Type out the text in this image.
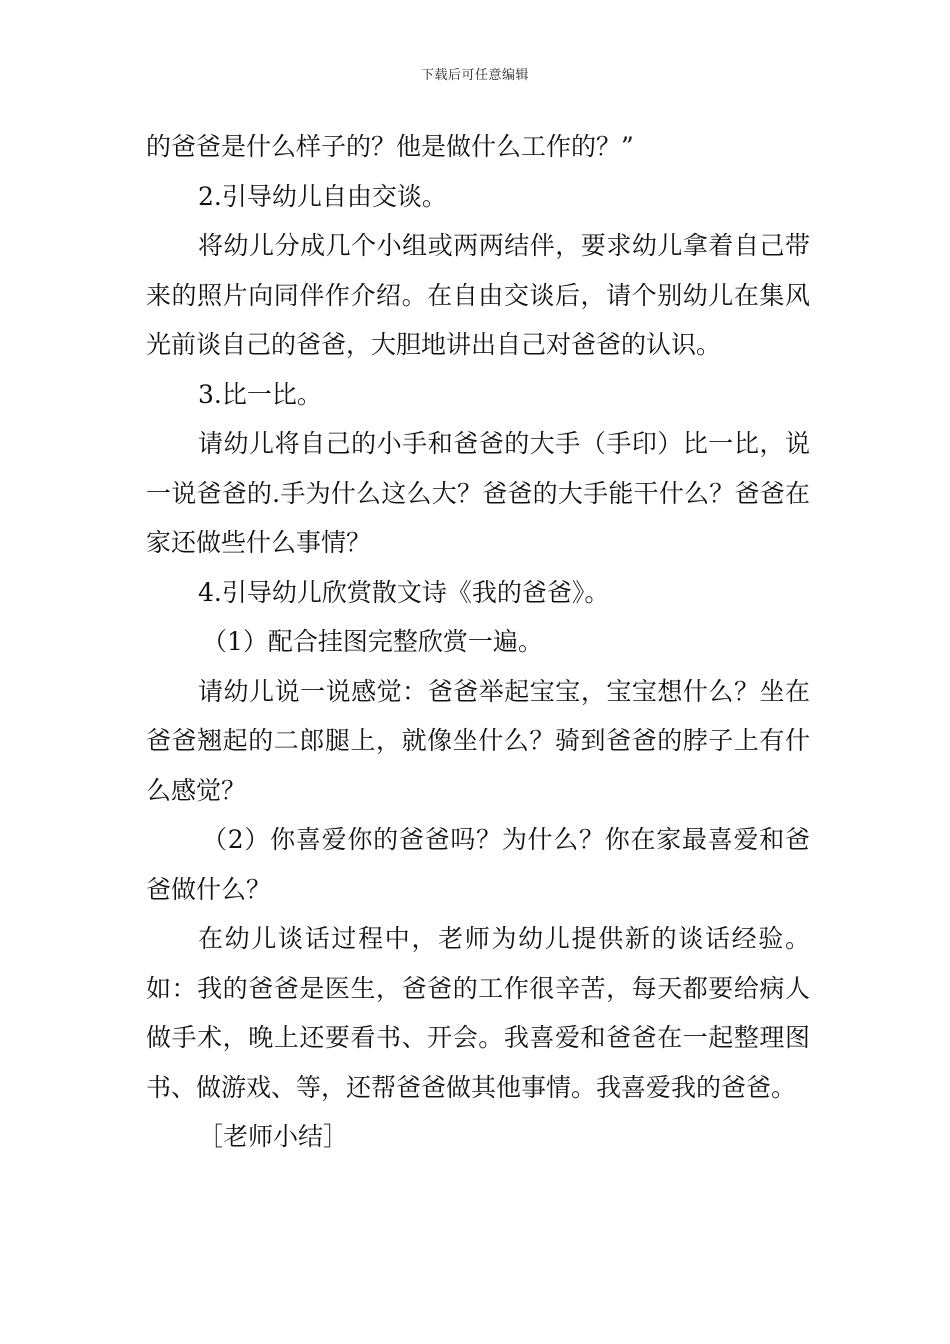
下载后可任意编辑

的爸爸是什么样子的？他是做什么工作的？”

2.引导幼儿自由交谈。

将幼儿分成几个小组或两两结伴，要求幼儿拿着自己带来的照片向同伴作介绍。在自由交谈后，请个别幼儿在集风光前谈自己的爸爸，大胆地讲出自己对爸爸的认识。

3.比一比。

请幼儿将自己的小手和爸爸的大手（手印）比一比，说一说爸爸的.手为什么这么大？爸爸的大手能干什么？爸爸在家还做些什么事情？

4.引导幼儿欣赏散文诗《我的爸爸》。

（1）配合挂图完整欣赏一遍。

请幼儿说一说感觉：爸爸举起宝宝，宝宝想什么？坐在爸爸翘起的二郎腿上，就像坐什么？骑到爸爸的脖子上有什么感觉？

（2）你喜爱你的爸爸吗？为什么？你在家最喜爱和爸爸做什么？

在幼儿谈话过程中，老师为幼儿提供新的谈话经验。如：我的爸爸是医生，爸爸的工作很辛苦，每天都要给病人做手术，晚上还要看书、开会。我喜爱和爸爸在一起整理图书、做游戏、等，还帮爸爸做其他事情。我喜爱我的爸爸。

［老师小结］
